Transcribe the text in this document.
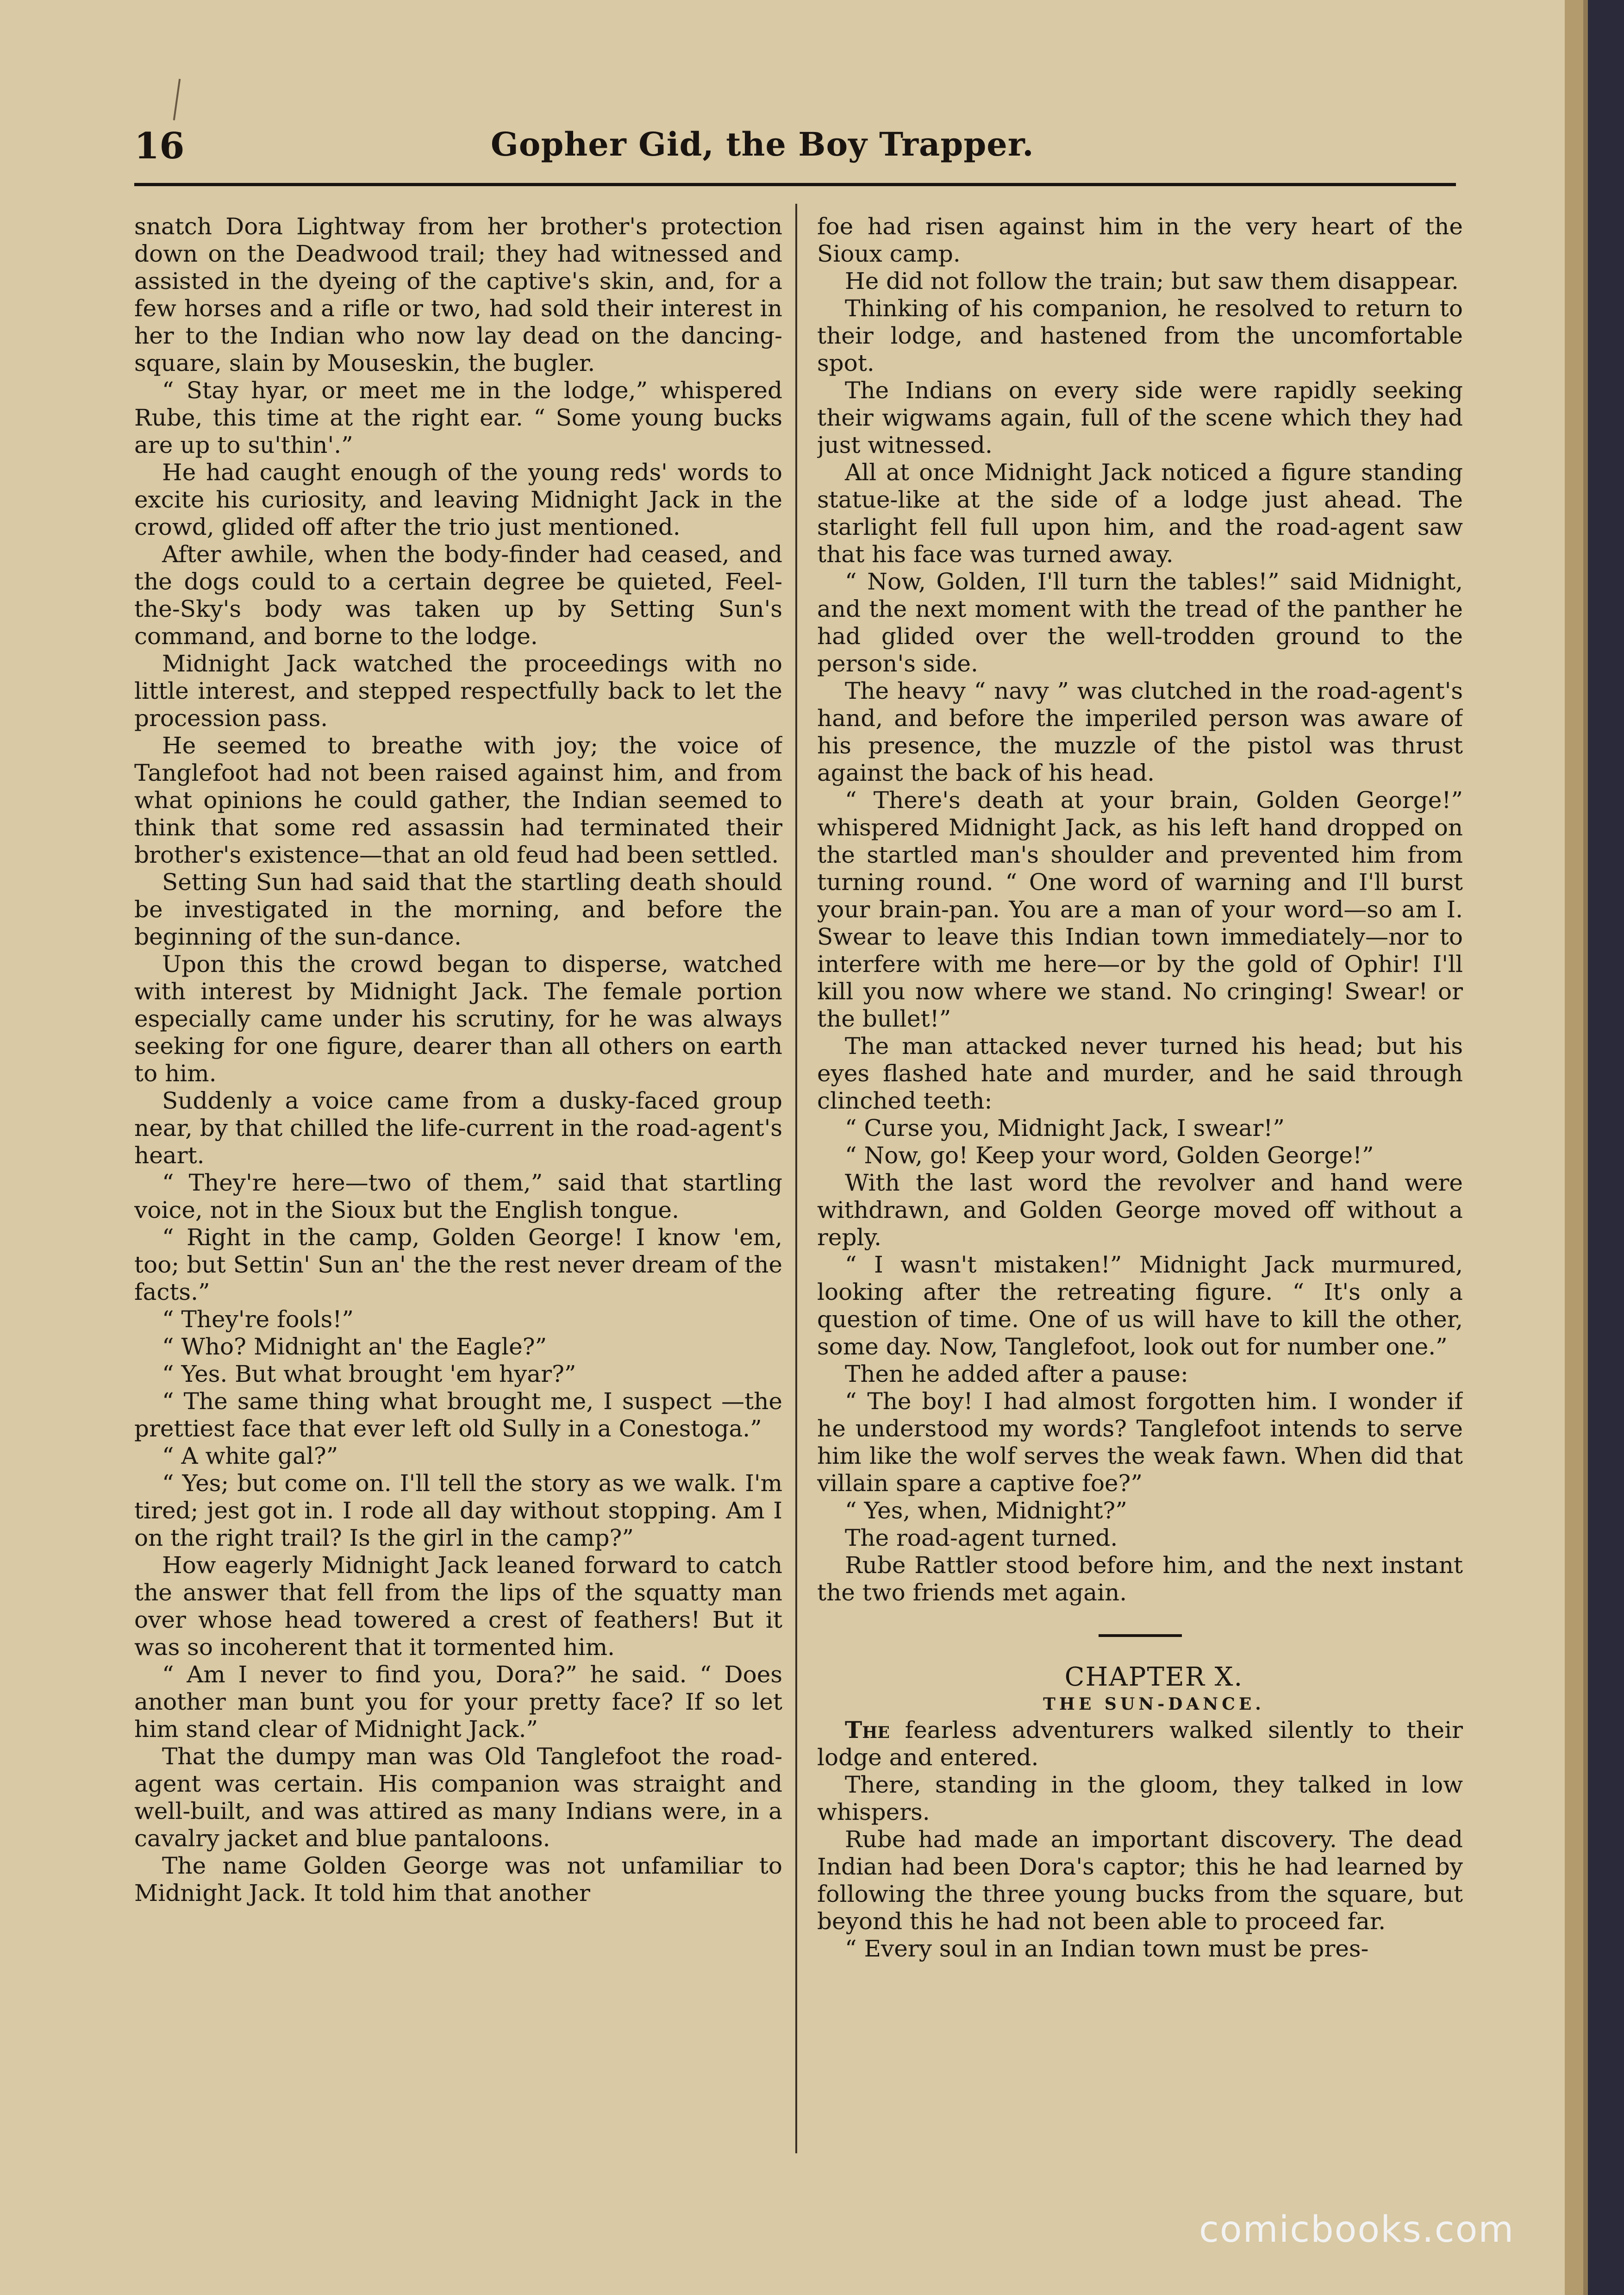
16	Gopher Gid, the Boy Trapper.

snatch Dora Lightway from her brother's protection down on the Deadwood trail; they had witnessed and assisted in the dyeing of the captive's skin, and, for a few horses and a rifle or two, had sold their interest in her to the Indian who now lay dead on the dancing-square, slain by Mouseskin, the bugler.

“ Stay hyar, or meet me in the lodge,” whispered Rube, this time at the right ear. “ Some young bucks are up to su'thin'.”

He had caught enough of the young reds' words to excite his curiosity, and leaving Midnight Jack in the crowd, glided off after the trio just mentioned.

After awhile, when the body-finder had ceased, and the dogs could to a certain degree be quieted, Feel-the-Sky's body was taken up by Setting Sun's command, and borne to the lodge.

Midnight Jack watched the proceedings with no little interest, and stepped respectfully back to let the procession pass.

He seemed to breathe with joy; the voice of Tanglefoot had not been raised against him, and from what opinions he could gather, the Indian seemed to think that some red assassin had terminated their brother's existence—that an old feud had been settled.

Setting Sun had said that the startling death should be investigated in the morning, and before the beginning of the sun-dance.

Upon this the crowd began to disperse, watched with interest by Midnight Jack. The female portion especially came under his scrutiny, for he was always seeking for one figure, dearer than all others on earth to him.

Suddenly a voice came from a dusky-faced group near, by that chilled the life-current in the road-agent's heart.

“ They're here—two of them,” said that startling voice, not in the Sioux but the English tongue.

“ Right in the camp, Golden George! I know 'em, too; but Settin' Sun an' the the rest never dream of the facts.”

“ They're fools!”

“ Who? Midnight an' the Eagle?”

“ Yes. But what brought 'em hyar?”

“ The same thing what brought me, I suspect —the prettiest face that ever left old Sully in a Conestoga.”

“ A white gal?”

“ Yes; but come on. I'll tell the story as we walk. I'm tired; jest got in. I rode all day without stopping. Am I on the right trail? Is the girl in the camp?”

How eagerly Midnight Jack leaned forward to catch the answer that fell from the lips of the squatty man over whose head towered a crest of feathers! But it was so incoherent that it tormented him.

“ Am I never to find you, Dora?” he said. “ Does another man bunt you for your pretty face? If so let him stand clear of Midnight Jack.”

That the dumpy man was Old Tanglefoot the road-agent was certain. His companion was straight and well-built, and was attired as many Indians were, in a cavalry jacket and blue pantaloons.

The name Golden George was not unfamiliar to Midnight Jack. It told him that another

foe had risen against him in the very heart of the Sioux camp.

He did not follow the train; but saw them disappear.

Thinking of his companion, he resolved to return to their lodge, and hastened from the uncomfortable spot.

The Indians on every side were rapidly seeking their wigwams again, full of the scene which they had just witnessed.

All at once Midnight Jack noticed a figure standing statue-like at the side of a lodge just ahead. The starlight fell full upon him, and the road-agent saw that his face was turned away.

“ Now, Golden, I'll turn the tables!” said Midnight, and the next moment with the tread of the panther he had glided over the well-trodden ground to the person's side.

The heavy “ navy ” was clutched in the road-agent's hand, and before the imperiled person was aware of his presence, the muzzle of the pistol was thrust against the back of his head.

“ There's death at your brain, Golden George!” whispered Midnight Jack, as his left hand dropped on the startled man's shoulder and prevented him from turning round. “ One word of warning and I'll burst your brain-pan. You are a man of your word—so am I. Swear to leave this Indian town immediately—nor to interfere with me here—or by the gold of Ophir! I'll kill you now where we stand. No cringing! Swear! or the bullet!”

The man attacked never turned his head; but his eyes flashed hate and murder, and he said through clinched teeth:

“ Curse you, Midnight Jack, I swear!”

“ Now, go! Keep your word, Golden George!”

With the last word the revolver and hand were withdrawn, and Golden George moved off without a reply.

“ I wasn't mistaken!” Midnight Jack murmured, looking after the retreating figure. “ It's only a question of time. One of us will have to kill the other, some day. Now, Tanglefoot, look out for number one.”

Then he added after a pause:

“ The boy! I had almost forgotten him. I wonder if he understood my words? Tanglefoot intends to serve him like the wolf serves the weak fawn. When did that villain spare a captive foe?”

“ Yes, when, Midnight?”

The road-agent turned.

Rube Rattler stood before him, and the next instant the two friends met again.

CHAPTER X.

THE SUN-DANCE.

The fearless adventurers walked silently to their lodge and entered.

There, standing in the gloom, they talked in low whispers.

Rube had made an important discovery. The dead Indian had been Dora's captor; this he had learned by following the three young bucks from the square, but beyond this he had not been able to proceed far.

“ Every soul in an Indian town must be pres-

comicbooks.com
